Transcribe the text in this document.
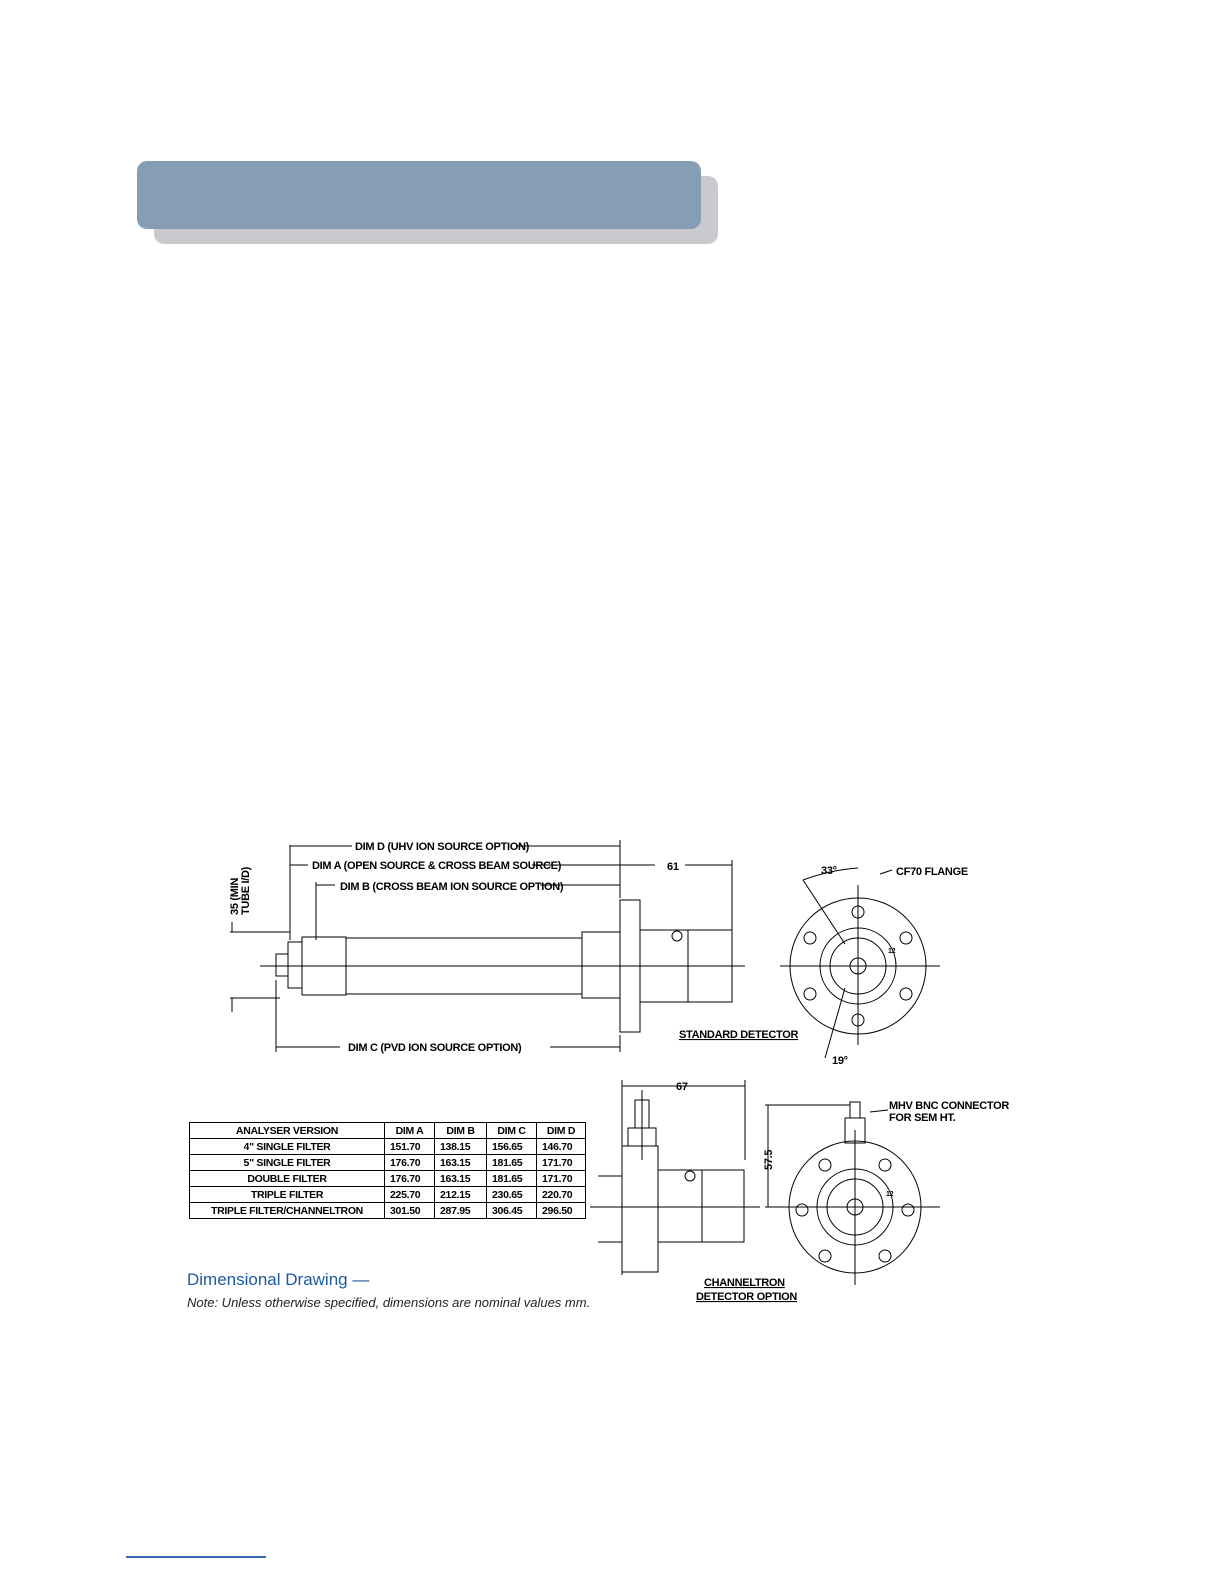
DIM D (UHV ION SOURCE OPTION)
DIM A (OPEN SOURCE & CROSS BEAM SOURCE)
DIM B (CROSS BEAM ION SOURCE OPTION)
61
35 (MIN TUBE I/D)
DIM C (PVD ION SOURCE OPTION)
33°	CF70 FLANGE
12
STANDARD DETECTOR
19°
67
57.5
MHV BNC CONNECTOR
FOR SEM HT.
12
CHANNELTRON
DETECTOR OPTION
ANALYSER VERSION	DIM A	DIM B	DIM C	DIM D
4" SINGLE FILTER	151.70	138.15	156.65	146.70
5" SINGLE FILTER	176.70	163.15	181.65	171.70
DOUBLE FILTER	176.70	163.15	181.65	171.70
TRIPLE FILTER	225.70	212.15	230.65	220.70
TRIPLE FILTER/CHANNELTRON	301.50	287.95	306.45	296.50
Dimensional Drawing —
Note: Unless otherwise specified, dimensions are nominal values mm.
